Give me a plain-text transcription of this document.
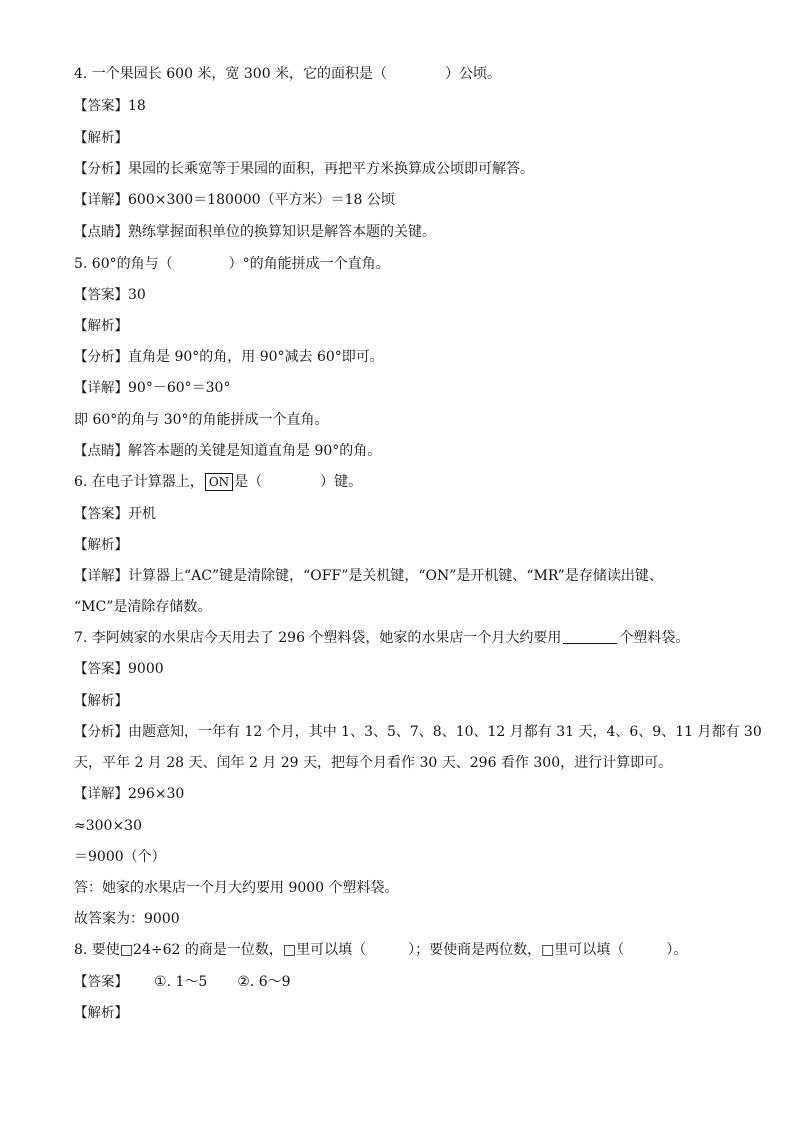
4. 一个果园长 600 米，宽 300 米，它的面积是（	）公顷。
【答案】18
【解析】
【分析】果园的长乘宽等于果园的面积，再把平方米换算成公顷即可解答。
【详解】600×300＝180000（平方米）＝18 公顷
【点睛】熟练掌握面积单位的换算知识是解答本题的关键。
5. 60°的角与（	）°的角能拼成一个直角。
【答案】30
【解析】
【分析】直角是 90°的角，用 90°减去 60°即可。
【详解】90°－60°＝30°
即 60°的角与 30°的角能拼成一个直角。
【点睛】解答本题的关键是知道直角是 90°的角。
6. 在电子计算器上， ON 是（	）键。
【答案】开机
【解析】
【详解】计算器上“AC”键是清除键，“OFF”是关机键，“ON”是开机键、“MR”是存储读出键、
“MC”是清除存储数。
7. 李阿姨家的水果店今天用去了 296 个塑料袋，她家的水果店一个月大约要用	个塑料袋。
【答案】9000
【解析】
【分析】由题意知，一年有 12 个月，其中 1、3、5、7、8、10、12 月都有 31 天，4、6、9、11 月都有 30
天，平年 2 月 28 天、闰年 2 月 29 天，把每个月看作 30 天、296 看作 300，进行计算即可。
【详解】296×30
≈300×30
＝9000（个）
答：她家的水果店一个月大约要用 9000 个塑料袋。
故答案为：9000
8. 要使□24÷62 的商是一位数，□里可以填（	）；要使商是两位数，□里可以填（	）。
【答案】 ①. 1～5 ②. 6～9
【解析】
